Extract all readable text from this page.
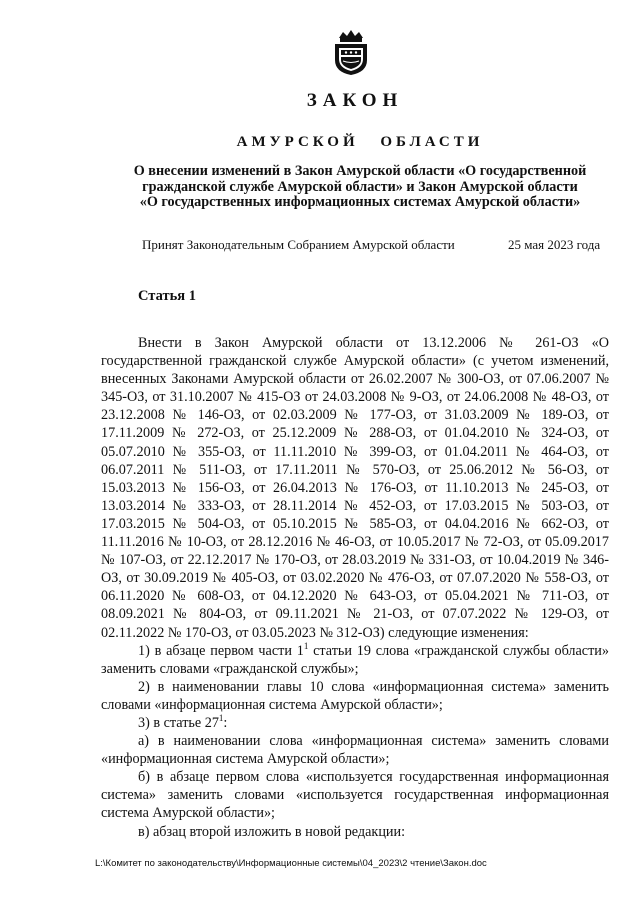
ЗАКОН
АМУРСКОЙ ОБЛАСТИ
О внесении изменений в Закон Амурской области «О государственной
гражданской службе Амурской области» и Закон Амурской области
«О государственных информационных системах Амурской области»
Принят Законодательным Собранием Амурской области	25 мая 2023 года
Статья 1

Внести в Закон Амурской области от 13.12.2006 № 261-ОЗ «О государственной гражданской службе Амурской области» (с учетом изменений, внесенных Законами Амурской области от 26.02.2007 № 300-ОЗ, от 07.06.2007 № 345-ОЗ, от 31.10.2007 № 415-ОЗ от 24.03.2008 № 9-ОЗ, от 24.06.2008 № 48-ОЗ, от 23.12.2008 № 146-ОЗ, от 02.03.2009 № 177-ОЗ, от 31.03.2009 № 189-ОЗ, от 17.11.2009 № 272-ОЗ, от 25.12.2009 № 288-ОЗ, от 01.04.2010 № 324-ОЗ, от 05.07.2010 № 355-ОЗ, от 11.11.2010 № 399-ОЗ, от 01.04.2011 № 464-ОЗ, от 06.07.2011 № 511-ОЗ, от 17.11.2011 № 570-ОЗ, от 25.06.2012 № 56-ОЗ, от 15.03.2013 № 156-ОЗ, от 26.04.2013 № 176-ОЗ, от 11.10.2013 № 245-ОЗ, от 13.03.2014 № 333-ОЗ, от 28.11.2014 № 452-ОЗ, от 17.03.2015 № 503-ОЗ, от 17.03.2015 № 504-ОЗ, от 05.10.2015 № 585-ОЗ, от 04.04.2016 № 662-ОЗ, от 11.11.2016 № 10-ОЗ, от 28.12.2016 № 46-ОЗ, от 10.05.2017 № 72-ОЗ, от 05.09.2017 № 107-ОЗ, от 22.12.2017 № 170-ОЗ, от 28.03.2019 № 331-ОЗ, от 10.04.2019 № 346-ОЗ, от 30.09.2019 № 405-ОЗ, от 03.02.2020 № 476-ОЗ, от 07.07.2020 № 558-ОЗ, от 06.11.2020 № 608-ОЗ, от 04.12.2020 № 643-ОЗ, от 05.04.2021 № 711-ОЗ, от 08.09.2021 № 804-ОЗ, от 09.11.2021 № 21-ОЗ, от 07.07.2022 № 129-ОЗ, от 02.11.2022 № 170-ОЗ, от 03.05.2023 № 312-ОЗ) следующие изменения:

1) в абзаце первом части $1^1$ статьи 19 слова «гражданской службы области» заменить словами «гражданской службы»;

2) в наименовании главы 10 слова «информационная система» заменить словами «информационная система Амурской области»;

3) в статье $27^1$:

а) в наименовании слова «информационная система» заменить словами «информационная система Амурской области»;

б) в абзаце первом слова «используется государственная информационная система» заменить словами «используется государственная информационная система Амурской области»;

в) абзац второй изложить в новой редакции:

L:\Комитет по законодательству\Информационные системы\04_2023\2 чтение\Закон.doc
